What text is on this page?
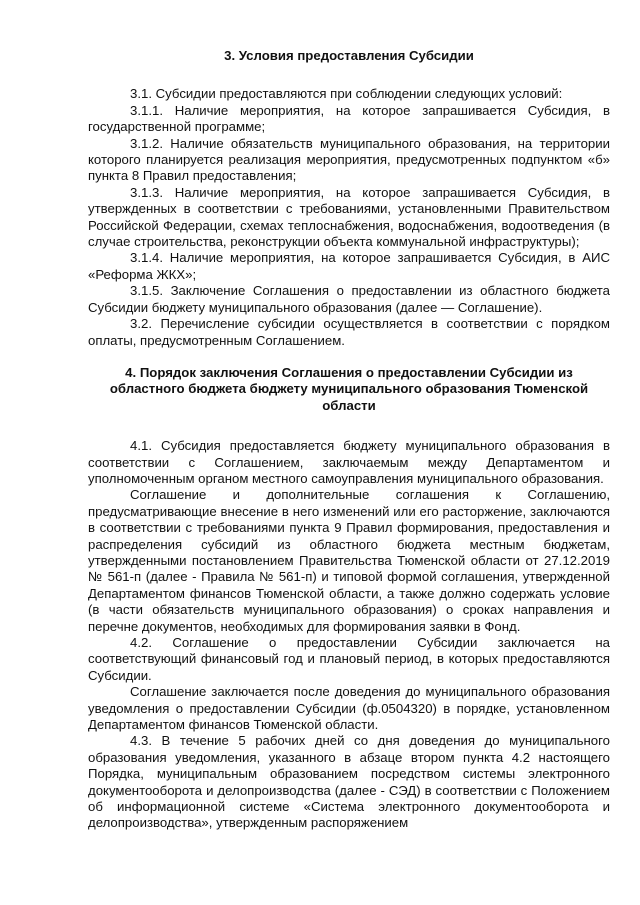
3. Условия предоставления Субсидии

3.1. Субсидии предоставляются при соблюдении следующих условий:

3.1.1. Наличие мероприятия, на которое запрашивается Субсидия, в государственной программе;

3.1.2. Наличие обязательств муниципального образования, на территории которого планируется реализация мероприятия, предусмотренных подпунктом «б» пункта 8 Правил предоставления;

3.1.3. Наличие мероприятия, на которое запрашивается Субсидия, в утвержденных в соответствии с требованиями, установленными Правительством Российской Федерации, схемах теплоснабжения, водоснабжения, водоотведения (в случае строительства, реконструкции объекта коммунальной инфраструктуры);

3.1.4. Наличие мероприятия, на которое запрашивается Субсидия, в АИС «Реформа ЖКХ»;

3.1.5. Заключение Соглашения о предоставлении из областного бюджета Субсидии бюджету муниципального образования (далее — Соглашение).

3.2. Перечисление субсидии осуществляется в соответствии с порядком оплаты, предусмотренным Соглашением.

4. Порядок заключения Соглашения о предоставлении Субсидии из областного бюджета бюджету муниципального образования Тюменской области

4.1. Субсидия предоставляется бюджету муниципального образования в соответствии с Соглашением, заключаемым между Департаментом и уполномоченным органом местного самоуправления муниципального образования.

Соглашение и дополнительные соглашения к Соглашению, предусматривающие внесение в него изменений или его расторжение, заключаются в соответствии с требованиями пункта 9 Правил формирования, предоставления и распределения субсидий из областного бюджета местным бюджетам, утвержденными постановлением Правительства Тюменской области от 27.12.2019 № 561-п (далее - Правила № 561-п) и типовой формой соглашения, утвержденной Департаментом финансов Тюменской области, а также должно содержать условие (в части обязательств муниципального образования) о сроках направления и перечне документов, необходимых для формирования заявки в Фонд.

4.2. Соглашение о предоставлении Субсидии заключается на соответствующий финансовый год и плановый период, в которых предоставляются Субсидии.

Соглашение заключается после доведения до муниципального образования уведомления о предоставлении Субсидии (ф.0504320) в порядке, установленном Департаментом финансов Тюменской области.

4.3. В течение 5 рабочих дней со дня доведения до муниципального образования уведомления, указанного в абзаце втором пункта 4.2 настоящего Порядка, муниципальным образованием посредством системы электронного документооборота и делопроизводства (далее - СЭД) в соответствии с Положением об информационной системе «Система электронного документооборота и делопроизводства», утвержденным распоряжением
